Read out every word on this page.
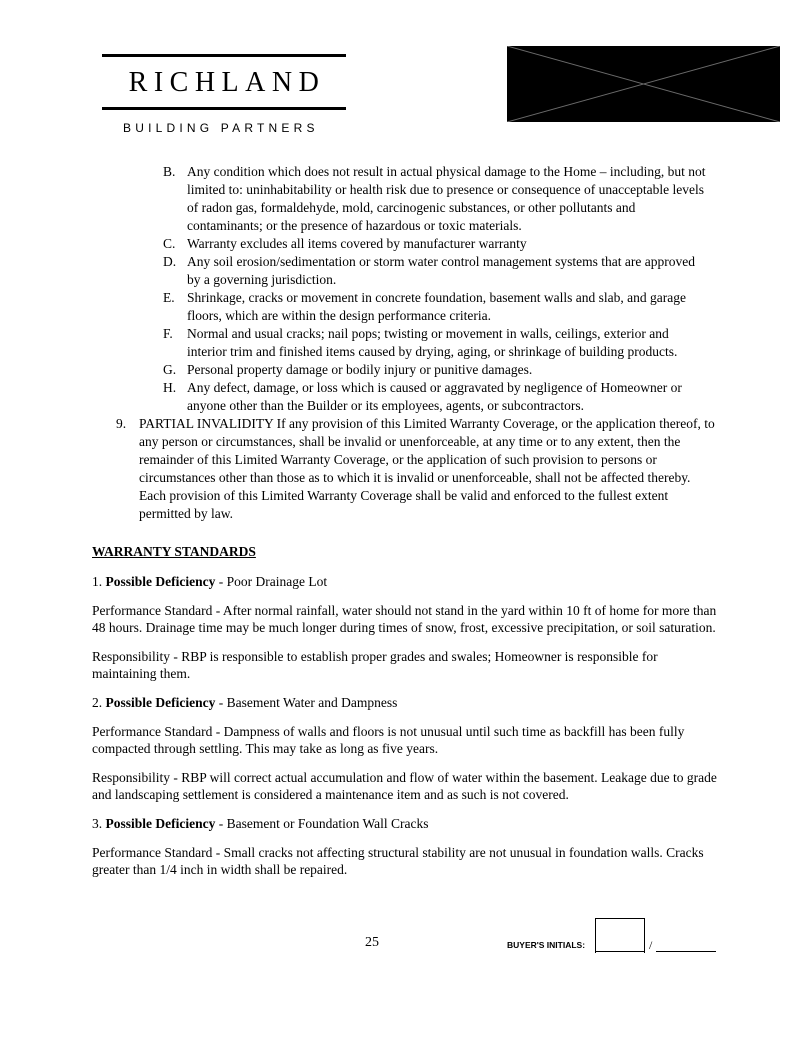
RICHLAND
BUILDING PARTNERS
B. Any condition which does not result in actual physical damage to the Home – including, but not limited to: uninhabitability or health risk due to presence or consequence of unacceptable levels of radon gas, formaldehyde, mold, carcinogenic substances, or other pollutants and contaminants; or the presence of hazardous or toxic materials.
C. Warranty excludes all items covered by manufacturer warranty
D. Any soil erosion/sedimentation or storm water control management systems that are approved by a governing jurisdiction.
E. Shrinkage, cracks or movement in concrete foundation, basement walls and slab, and garage floors, which are within the design performance criteria.
F. Normal and usual cracks; nail pops; twisting or movement in walls, ceilings, exterior and interior trim and finished items caused by drying, aging, or shrinkage of building products.
G. Personal property damage or bodily injury or punitive damages.
H. Any defect, damage, or loss which is caused or aggravated by negligence of Homeowner or anyone other than the Builder or its employees, agents, or subcontractors.
9. PARTIAL INVALIDITY If any provision of this Limited Warranty Coverage, or the application thereof, to any person or circumstances, shall be invalid or unenforceable, at any time or to any extent, then the remainder of this Limited Warranty Coverage, or the application of such provision to persons or circumstances other than those as to which it is invalid or unenforceable, shall not be affected thereby. Each provision of this Limited Warranty Coverage shall be valid and enforced to the fullest extent permitted by law.
WARRANTY STANDARDS

1. Possible Deficiency - Poor Drainage Lot

Performance Standard - After normal rainfall, water should not stand in the yard within 10 ft of home for more than 48 hours. Drainage time may be much longer during times of snow, frost, excessive precipitation, or soil saturation.

Responsibility - RBP is responsible to establish proper grades and swales; Homeowner is responsible for maintaining them.

2. Possible Deficiency - Basement Water and Dampness

Performance Standard - Dampness of walls and floors is not unusual until such time as backfill has been fully compacted through settling. This may take as long as five years.

Responsibility - RBP will correct actual accumulation and flow of water within the basement. Leakage due to grade and landscaping settlement is considered a maintenance item and as such is not covered.

3. Possible Deficiency - Basement or Foundation Wall Cracks

Performance Standard - Small cracks not affecting structural stability are not unusual in foundation walls. Cracks greater than 1/4 inch in width shall be repaired.

25	BUYER'S INITIALS:	/
